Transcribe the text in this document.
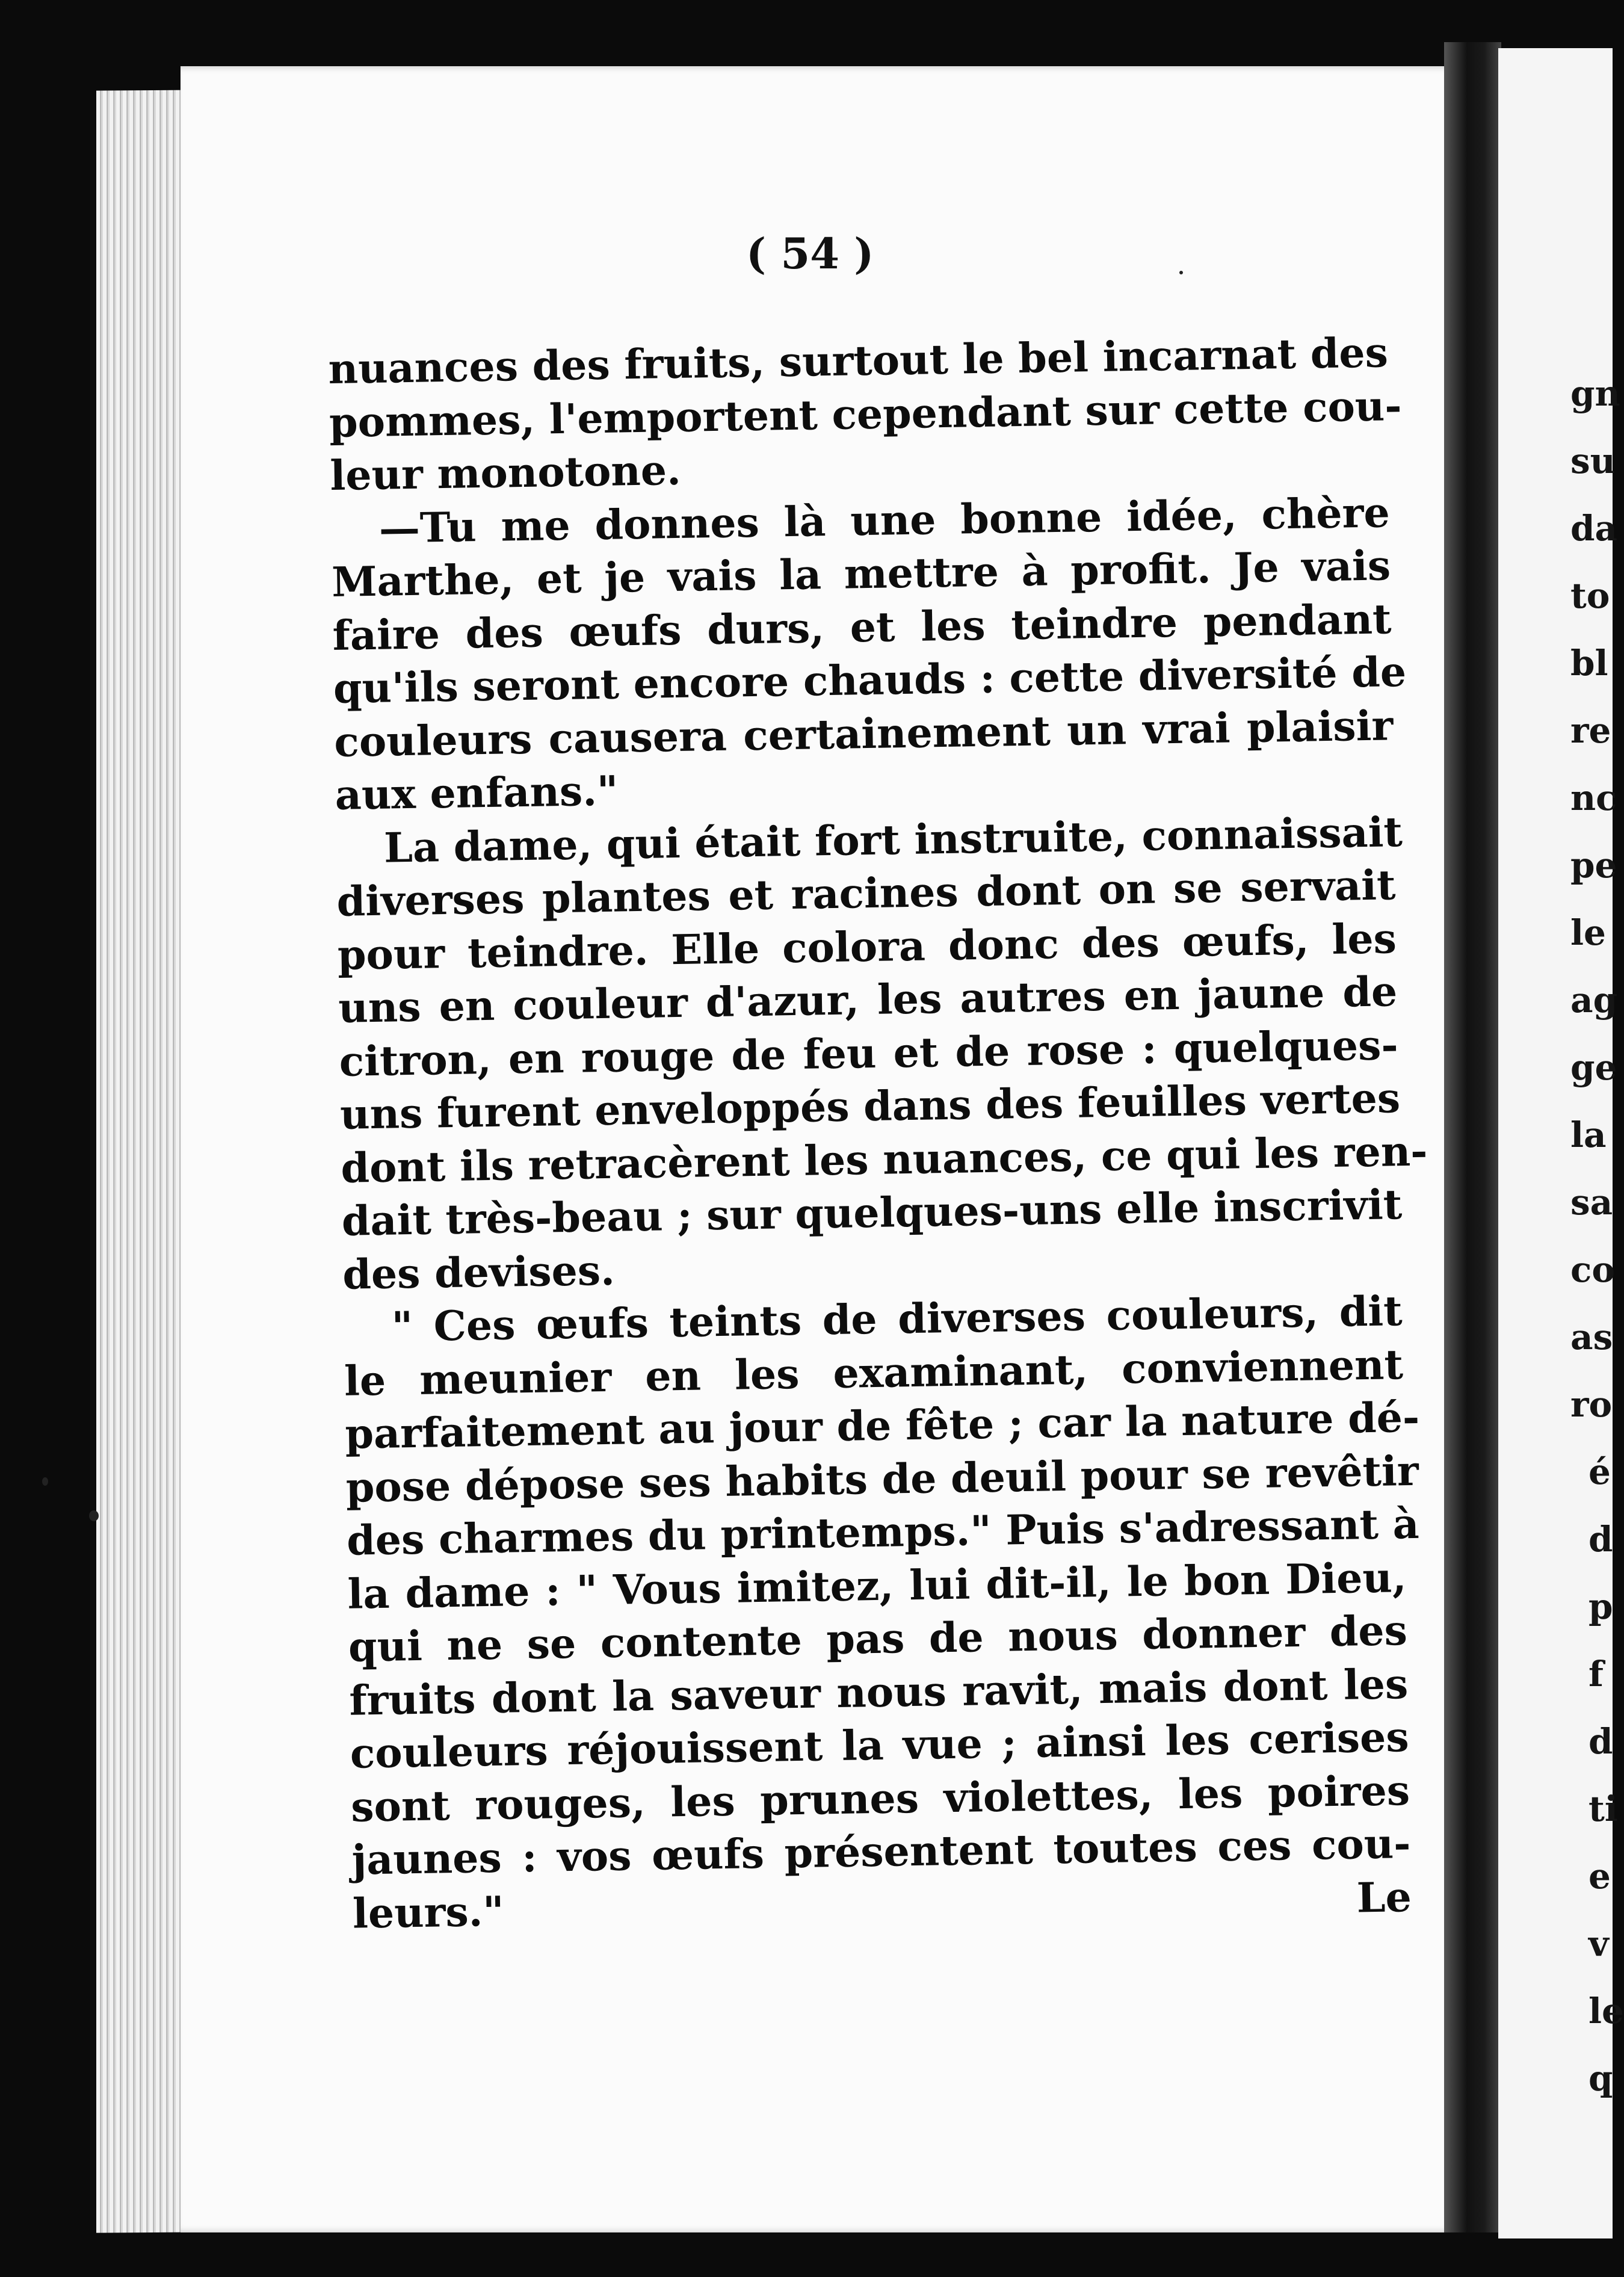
gn
su
da
to
bl
re
nc
pe
le
ag
ge
la
sa
co
as
ro
é
d
p
f
d
ti
e
v
le
q
( 54 )
nuances des fruits, surtout le bel incarnat des
pommes, l'emportent cependant sur cette cou-
leur monotone.
—Tu me donnes là une bonne idée, chère
Marthe, et je vais la mettre à profit. Je vais
faire des œufs durs, et les teindre pendant
qu'ils seront encore chauds : cette diversité de
couleurs causera certainement un vrai plaisir
aux enfans."
La dame, qui était fort instruite, connaissait
diverses plantes et racines dont on se servait
pour teindre. Elle colora donc des œufs, les
uns en couleur d'azur, les autres en jaune de
citron, en rouge de feu et de rose : quelques-
uns furent enveloppés dans des feuilles vertes
dont ils retracèrent les nuances, ce qui les ren-
dait très-beau ; sur quelques-uns elle inscrivit
des devises.
" Ces œufs teints de diverses couleurs, dit
le meunier en les examinant, conviennent
parfaitement au jour de fête ; car la nature dé-
pose dépose ses habits de deuil pour se revêtir
des charmes du printemps." Puis s'adressant à
la dame : " Vous imitez, lui dit-il, le bon Dieu,
qui ne se contente pas de nous donner des
fruits dont la saveur nous ravit, mais dont les
couleurs réjouissent la vue ; ainsi les cerises
sont rouges, les prunes violettes, les poires
jaunes : vos œufs présentent toutes ces cou-
leurs."	Le
